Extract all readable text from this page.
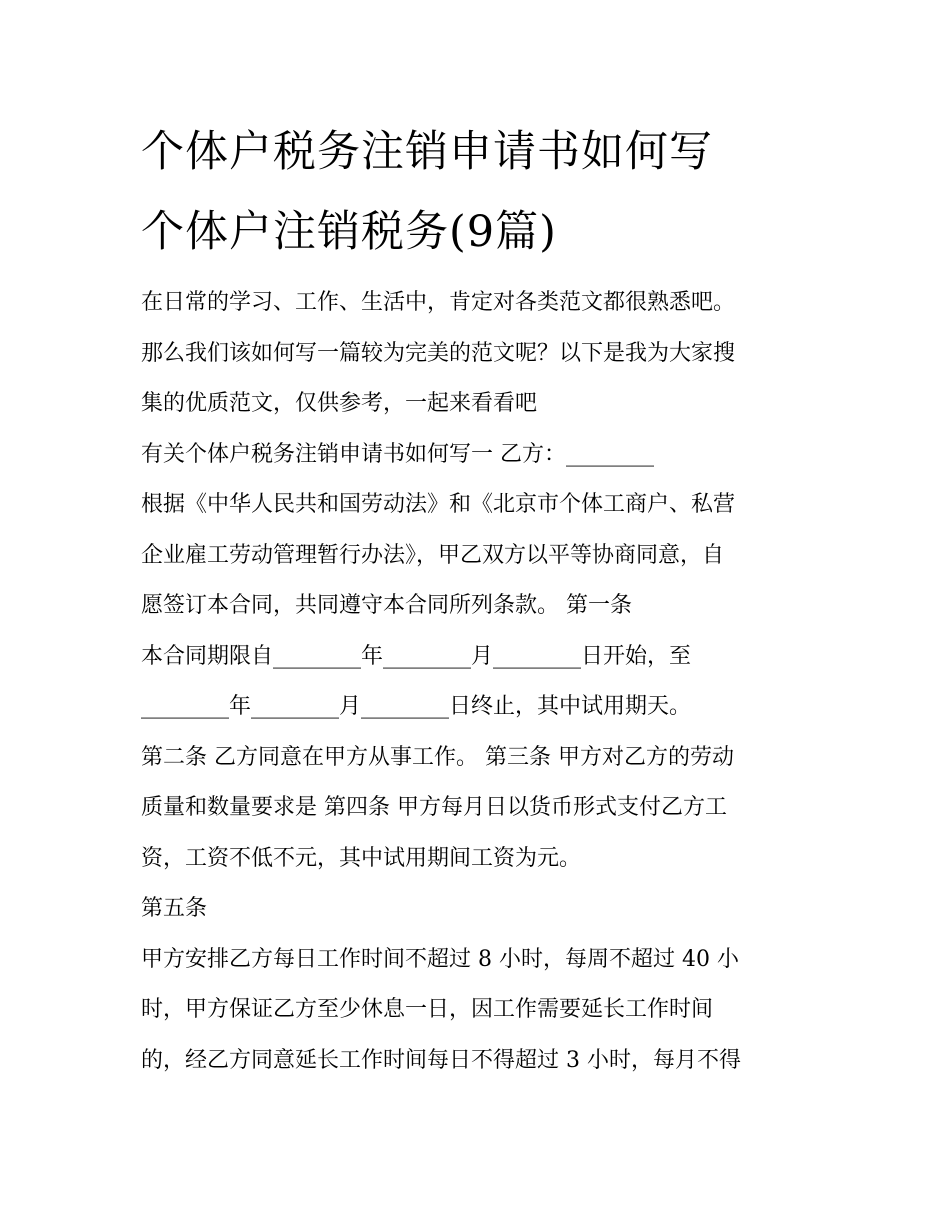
个体户税务注销申请书如何写
个体户注销税务(9篇)
在日常的学习、工作、生活中，肯定对各类范文都很熟悉吧。
那么我们该如何写一篇较为完美的范文呢？以下是我为大家搜
集的优质范文，仅供参考，一起来看看吧
有关个体户税务注销申请书如何写一 乙方：________
根据《中华人民共和国劳动法》和《北京市个体工商户、私营
企业雇工劳动管理暂行办法》，甲乙双方以平等协商同意，自
愿签订本合同，共同遵守本合同所列条款。 第一条
本合同期限自________年________月________日开始，至
________年________月________日终止，其中试用期天。
第二条 乙方同意在甲方从事工作。 第三条 甲方对乙方的劳动
质量和数量要求是 第四条 甲方每月日以货币形式支付乙方工
资，工资不低不元，其中试用期间工资为元。
第五条
甲方安排乙方每日工作时间不超过 8 小时，每周不超过 40 小
时，甲方保证乙方至少休息一日，因工作需要延长工作时间
的，经乙方同意延长工作时间每日不得超过 3 小时，每月不得
